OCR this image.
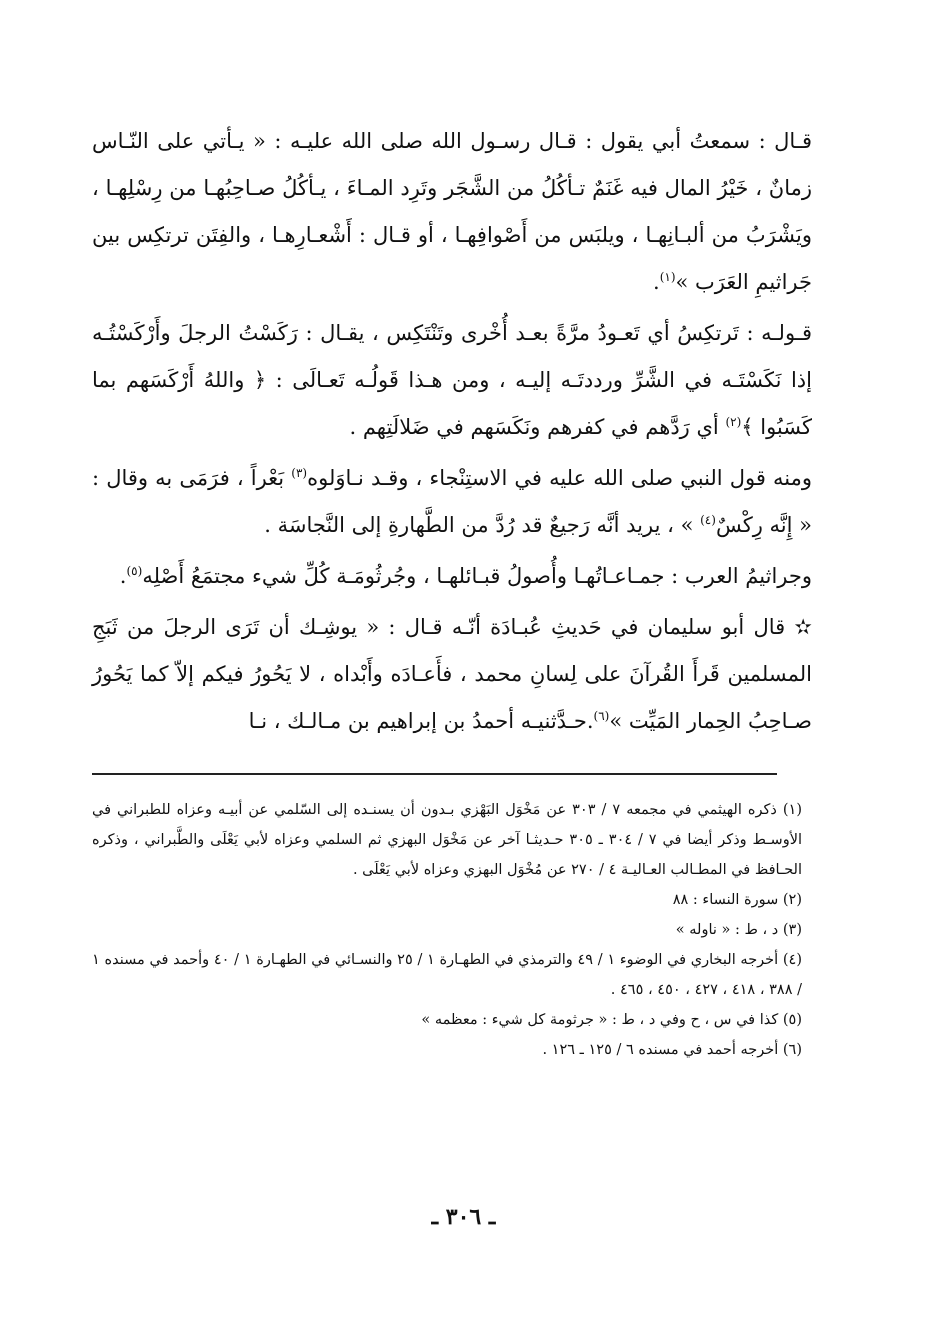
قـال : سمعتُ أبي يقول : قـال رسـول الله صلى الله عليـه : « يـأتي على النّـاس زمانٌ ، خَيْرُ المال فيه غَنَمٌ تـأكُلُ من الشَّجَر وتَرِد المـاءَ ، يـأكُلُ صـاحِبُهـا من رِسْلِهـا ، ويَشْرَبُ من ألبـانِهـا ، ويلبَس من أَصْوافِهـا ، أو قـال : أَشْعـارِهـا ، والفِتَن ترتكِس بين جَراثيمِ العَرَب »$^{(١)}$.

قـولـه : تَرتكِسُ أي تَعـودُ مرَّةً بعـد أُخْرى وتَنْتَكِس ، يقـال : رَكَسْتُ الرجلَ وأَرْكَسْتُـه إذا نَكَسْتَـه في الشَّرِّ ورددتَـه إليـه ، ومن هـذا قَولُـه تَعـالَى : ﴿ واللهُ أَرْكَسَهم بما كَسَبُوا ﴾$^{(٢)}$ أي رَدَّهم في كفرهم ونَكَسَهم في ضَلالَتِهم .

ومنه قول النبي صلى الله عليه في الاستِنْجاء ، وقـد نـاوَلوه$^{(٣)}$ بَعْراً ، فرَمَى به وقال : « إِنَّه رِكْسٌ$^{(٤)}$ » ، يريد أنَّه رَجيعٌ قد رُدَّ من الطَّهارةِ إلى النَّجاسَة .

وجراثيمُ العرب : جمـاعـاتُهـا وأُصولُ قبـائلهـا ، وجُرثُومَـة كُلِّ شيء مجتمَعُ أَصْلِه$^{(٥)}$.

✫ قال أبو سليمان في حَديثِ عُبـادَة أنّـه قـال : « يوشِـك أن تَرَى الرجلَ من ثَبَجِ المسلمين قَرأَ القُرآنَ على لِسانِ محمد ، فأَعـادَه وأَبْداه ، لا يَحُورُ فيكم إلاّ كما يَحُورُ صـاحِبُ الحِمار المَيِّت »$^{(٦)}$.حـدَّثنيـه أحمدُ بن إبراهيم بن مـالـك ، نـا

(١) ذكره الهيثمي في مجمعه ٧ / ٣٠٣ عن مَخْوَل البَهْزي بـدون أن يسنـده إلى السّلمي عن أبيـه وعزاه للطبراني في الأوسـط وذكر أيضا في ٧ / ٣٠٤ ـ ٣٠٥ حـديثـا آخر عن مَخْوَل البهزي ثم السلمي وعزاه لأبي يَعْلَى والطَّبراني ، وذكره الحـافظ في المطـالب العـاليـة ٤ / ٢٧٠ عن مُخْوَل البهزي وعزاه لأبي يَعْلَى .

(٢) سورة النساء : ٨٨

(٣) د ، ط : « ناوله »

(٤) أخرجه البخاري في الوضوء ١ / ٤٩ والترمذي في الطهـارة ١ / ٢٥ والنسـائي في الطهـارة ١ / ٤٠ وأحمد في مسنده ١ / ٣٨٨ ، ٤١٨ ، ٤٢٧ ، ٤٥٠ ، ٤٦٥ .

(٥) كذا في س ، ح وفي د ، ط : « جرثومة كل شيء : معظمه »

(٦) أخرجه أحمد في مسنده ٦ / ١٢٥ ـ ١٢٦ .

ـ ٣٠٦ ـ
